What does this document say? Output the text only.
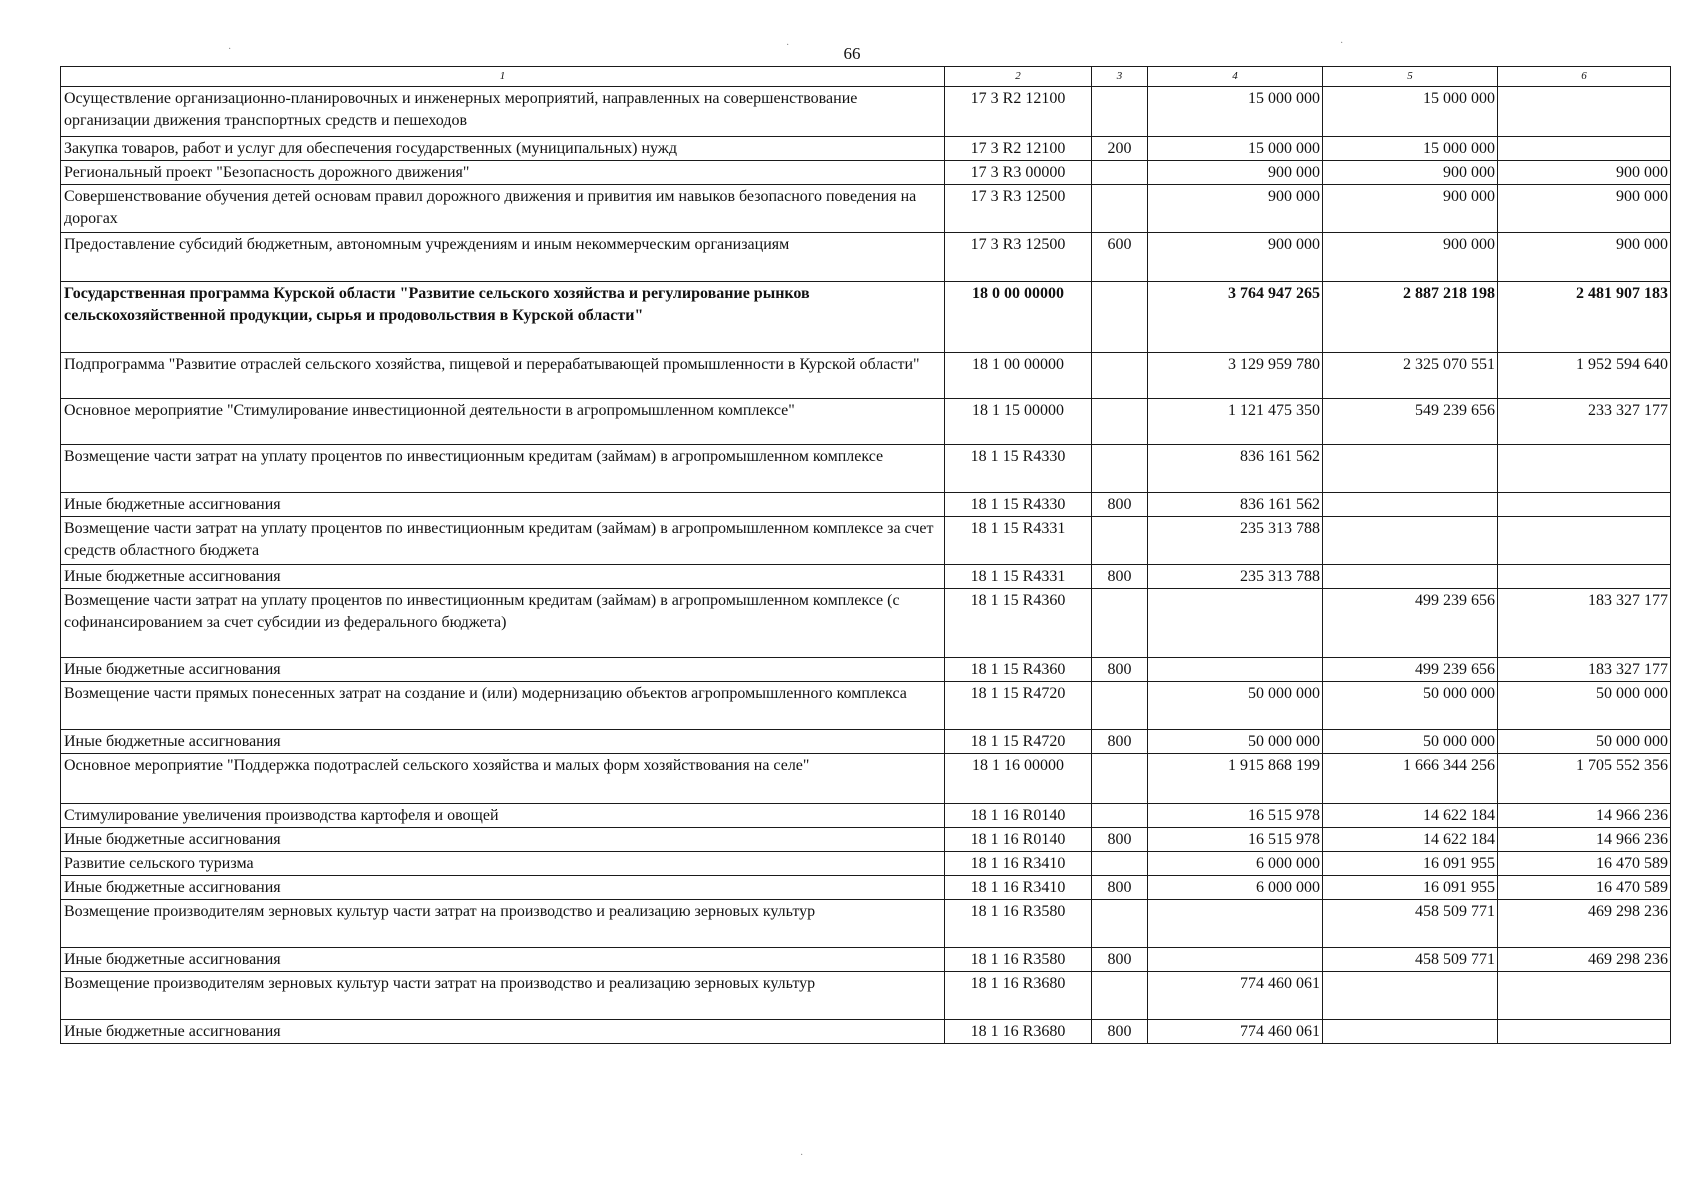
66
·	·	·
·
1	2	3	4	5	6
Осуществление организационно-планировочных и инженерных мероприятий, направленных на совершенствование организации движения транспортных средств и пешеходов	17 3 R2 12100		15 000 000	15 000 000	
Закупка товаров, работ и услуг для обеспечения государственных (муниципальных) нужд	17 3 R2 12100	200	15 000 000	15 000 000	
Региональный проект "Безопасность дорожного движения"	17 3 R3 00000		900 000	900 000	900 000
Совершенствование обучения детей основам правил дорожного движения и привития им навыков безопасного поведения на дорогах	17 3 R3 12500		900 000	900 000	900 000
Предоставление субсидий бюджетным, автономным учреждениям и иным некоммерческим организациям	17 3 R3 12500	600	900 000	900 000	900 000
Государственная программа Курской области "Развитие сельского хозяйства и регулирование рынков сельскохозяйственной продукции, сырья и продовольствия в Курской области"	18 0 00 00000		3 764 947 265	2 887 218 198	2 481 907 183
Подпрограмма "Развитие отраслей сельского хозяйства, пищевой и перерабатывающей промышленности в Курской области"	18 1 00 00000		3 129 959 780	2 325 070 551	1 952 594 640
Основное мероприятие "Стимулирование инвестиционной деятельности в агропромышленном комплексе"	18 1 15 00000		1 121 475 350	549 239 656	233 327 177
Возмещение части затрат на уплату процентов по инвестиционным кредитам (займам) в агропромышленном комплексе	18 1 15 R4330		836 161 562		
Иные бюджетные ассигнования	18 1 15 R4330	800	836 161 562		
Возмещение части затрат на уплату процентов по инвестиционным кредитам (займам) в агропромышленном комплексе за счет средств областного бюджета	18 1 15 R4331		235 313 788		
Иные бюджетные ассигнования	18 1 15 R4331	800	235 313 788		
Возмещение части затрат на уплату процентов по инвестиционным кредитам (займам) в агропромышленном комплексе (с софинансированием за счет субсидии из федерального бюджета)	18 1 15 R4360			499 239 656	183 327 177
Иные бюджетные ассигнования	18 1 15 R4360	800		499 239 656	183 327 177
Возмещение части прямых понесенных затрат на создание и (или) модернизацию объектов агропромышленного комплекса	18 1 15 R4720		50 000 000	50 000 000	50 000 000
Иные бюджетные ассигнования	18 1 15 R4720	800	50 000 000	50 000 000	50 000 000
Основное мероприятие "Поддержка подотраслей сельского хозяйства и малых форм хозяйствования на селе"	18 1 16 00000		1 915 868 199	1 666 344 256	1 705 552 356
Стимулирование увеличения производства картофеля и овощей	18 1 16 R0140		16 515 978	14 622 184	14 966 236
Иные бюджетные ассигнования	18 1 16 R0140	800	16 515 978	14 622 184	14 966 236
Развитие сельского туризма	18 1 16 R3410		6 000 000	16 091 955	16 470 589
Иные бюджетные ассигнования	18 1 16 R3410	800	6 000 000	16 091 955	16 470 589
Возмещение производителям зерновых культур части затрат на производство и реализацию зерновых культур	18 1 16 R3580			458 509 771	469 298 236
Иные бюджетные ассигнования	18 1 16 R3580	800		458 509 771	469 298 236
Возмещение производителям зерновых культур части затрат на производство и реализацию зерновых культур	18 1 16 R3680		774 460 061		
Иные бюджетные ассигнования	18 1 16 R3680	800	774 460 061		
